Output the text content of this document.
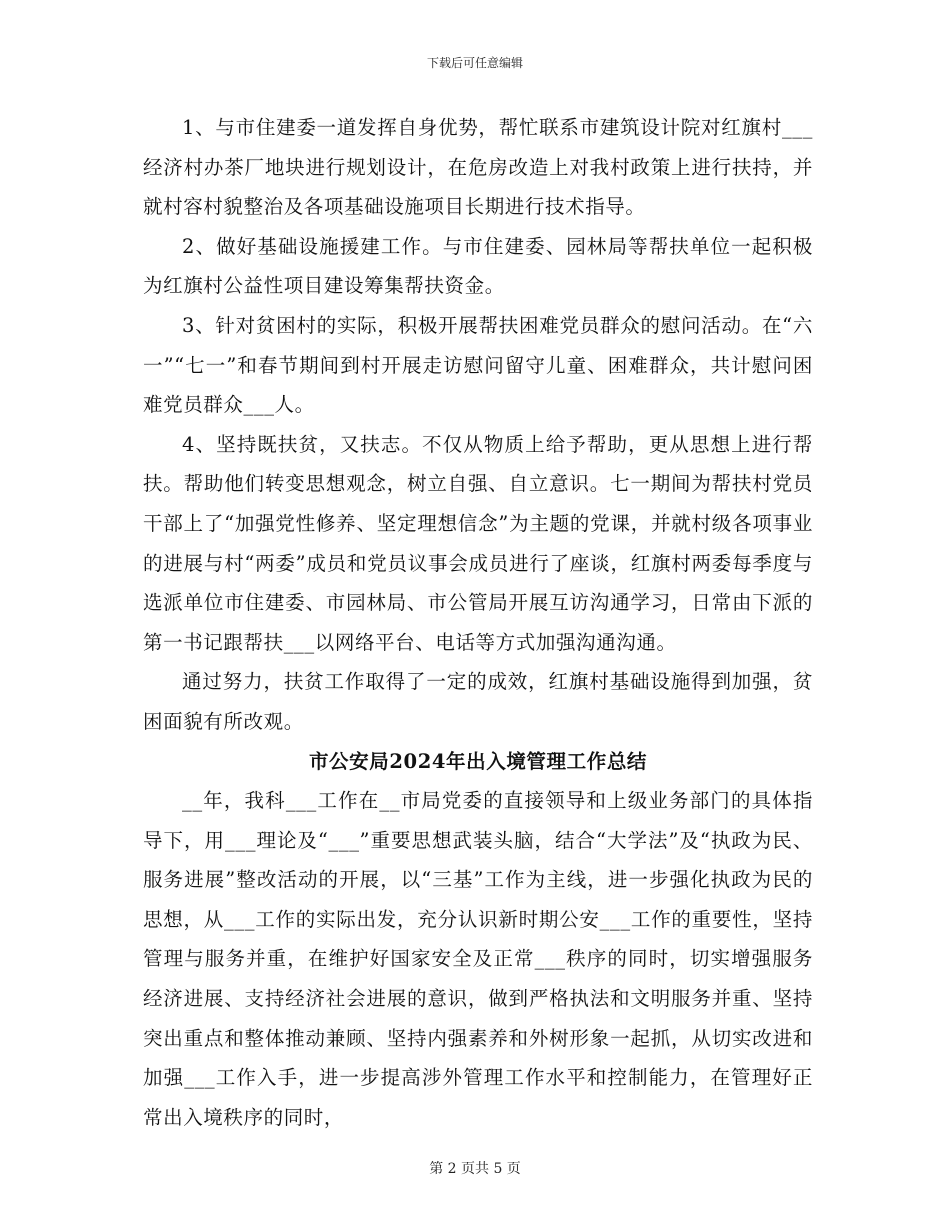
下载后可任意编辑

1、与市住建委一道发挥自身优势，帮忙联系市建筑设计院对红旗村___经济村办茶厂地块进行规划设计，在危房改造上对我村政策上进行扶持，并就村容村貌整治及各项基础设施项目长期进行技术指导。

2、做好基础设施援建工作。与市住建委、园林局等帮扶单位一起积极为红旗村公益性项目建设筹集帮扶资金。

3、针对贫困村的实际，积极开展帮扶困难党员群众的慰问活动。在“六一”“七一”和春节期间到村开展走访慰问留守儿童、困难群众，共计慰问困难党员群众___人。

4、坚持既扶贫，又扶志。不仅从物质上给予帮助，更从思想上进行帮扶。帮助他们转变思想观念，树立自强、自立意识。七一期间为帮扶村党员干部上了“加强党性修养、坚定理想信念”为主题的党课，并就村级各项事业的进展与村“两委”成员和党员议事会成员进行了座谈，红旗村两委每季度与选派单位市住建委、市园林局、市公管局开展互访沟通学习，日常由下派的第一书记跟帮扶___以网络平台、电话等方式加强沟通沟通。

通过努力，扶贫工作取得了一定的成效，红旗村基础设施得到加强，贫困面貌有所改观。

市公安局2024年出入境管理工作总结

__年，我科___工作在__市局党委的直接领导和上级业务部门的具体指导下，用___理论及“___”重要思想武装头脑，结合“大学法”及“执政为民、服务进展”整改活动的开展，以“三基”工作为主线，进一步强化执政为民的思想，从___工作的实际出发，充分认识新时期公安___工作的重要性，坚持管理与服务并重，在维护好国家安全及正常___秩序的同时，切实增强服务经济进展、支持经济社会进展的意识，做到严格执法和文明服务并重、坚持突出重点和整体推动兼顾、坚持内强素养和外树形象一起抓，从切实改进和加强___工作入手，进一步提高涉外管理工作水平和控制能力，在管理好正常出入境秩序的同时，

第 2 页共 5 页
